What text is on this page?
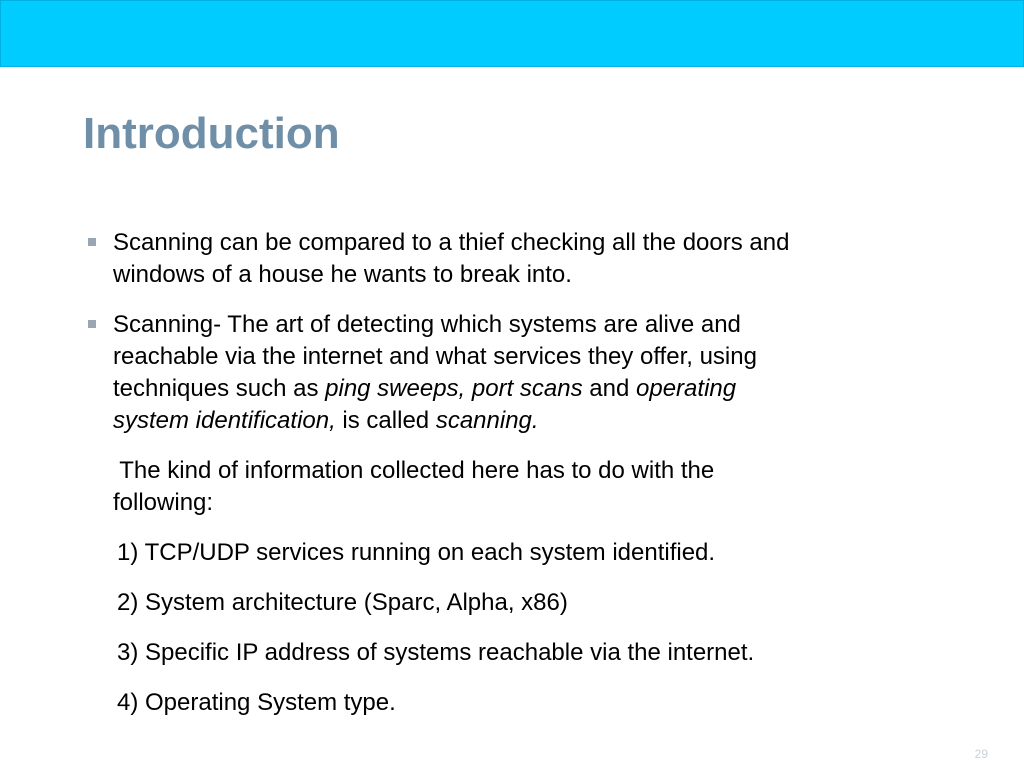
Introduction
Scanning can be compared to a thief checking all the doors and
windows of a house he wants to break into.
Scanning- The art of detecting which systems are alive and
reachable via the internet and what services they offer, using
techniques such as ping sweeps, port scans and operating
system identification, is called scanning.
The kind of information collected here has to do with the
following:
1) TCP/UDP services running on each system identified.
2) System architecture (Sparc, Alpha, x86)
3) Specific IP address of systems reachable via the internet.
4) Operating System type.
29
